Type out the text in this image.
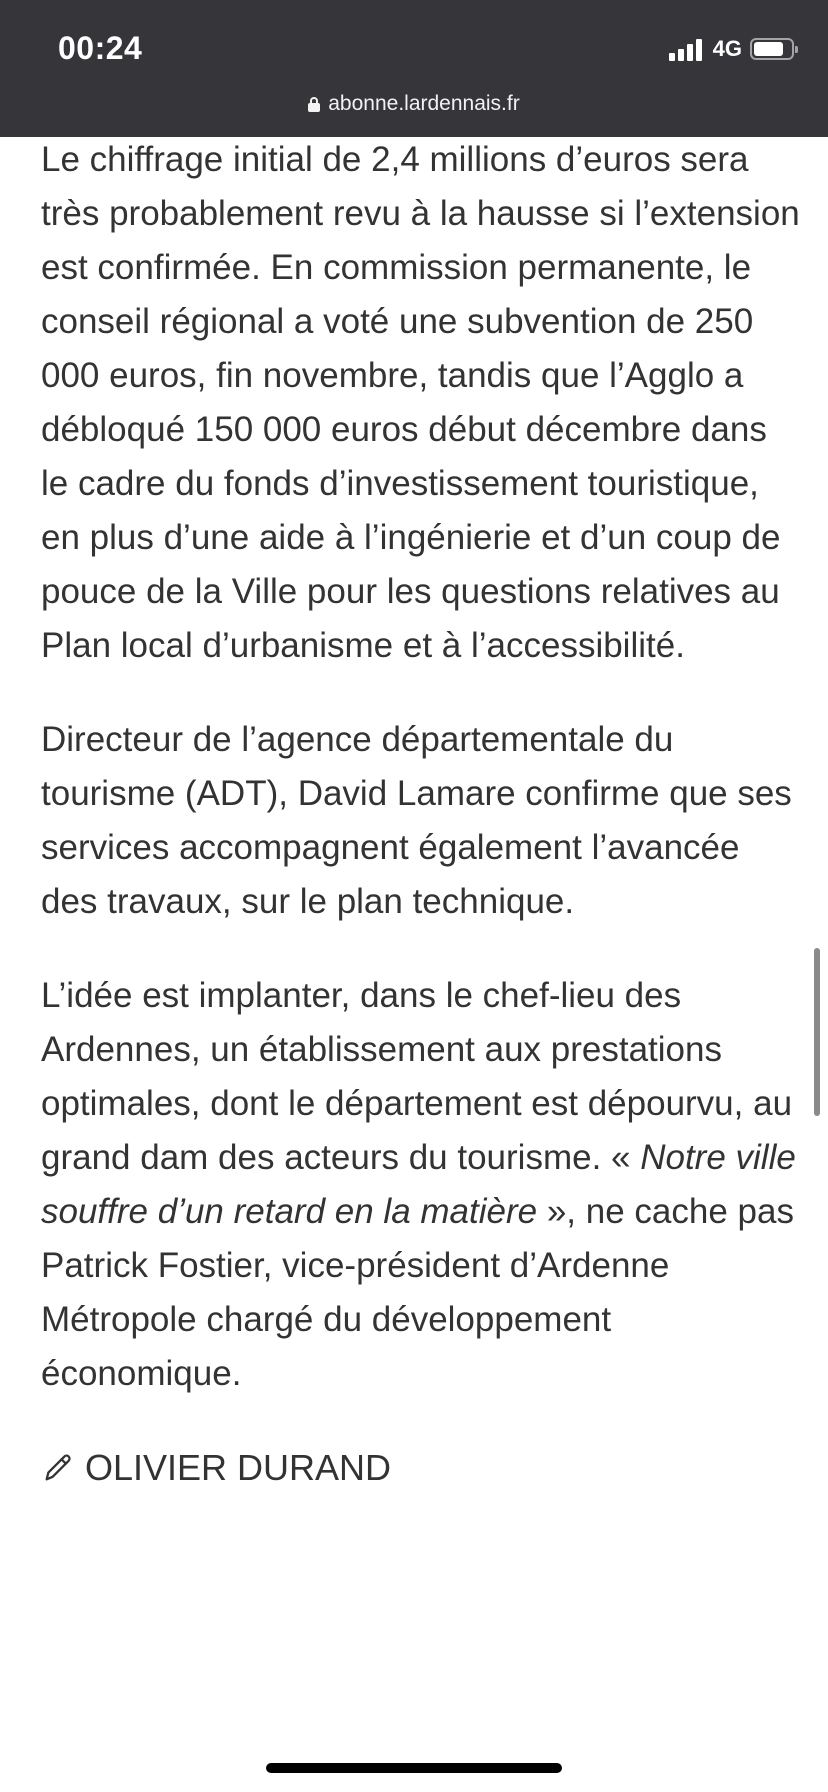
00:24	4G
abonne.lardennais.fr

Le chiffrage initial de 2,4 millions d’euros sera très probablement revu à la hausse si l’extension est confirmée. En commission permanente, le conseil régional a voté une subvention de 250 000 euros, fin novembre, tandis que l’Agglo a débloqué 150 000 euros début décembre dans le cadre du fonds d’investissement touristique, en plus d’une aide à l’ingénierie et d’un coup de pouce de la Ville pour les questions relatives au Plan local d’urbanisme et à l’accessibilité.

Directeur de l’agence départementale du tourisme (ADT), David Lamare confirme que ses services accompagnent également l’avancée des travaux, sur le plan technique.

L’idée est implanter, dans le chef-lieu des Ardennes, un établissement aux prestations optimales, dont le département est dépourvu, au grand dam des acteurs du tourisme. « Notre ville souffre d’un retard en la matière », ne cache pas Patrick Fostier, vice-président d’Ardenne Métropole chargé du développement économique.

OLIVIER DURAND
